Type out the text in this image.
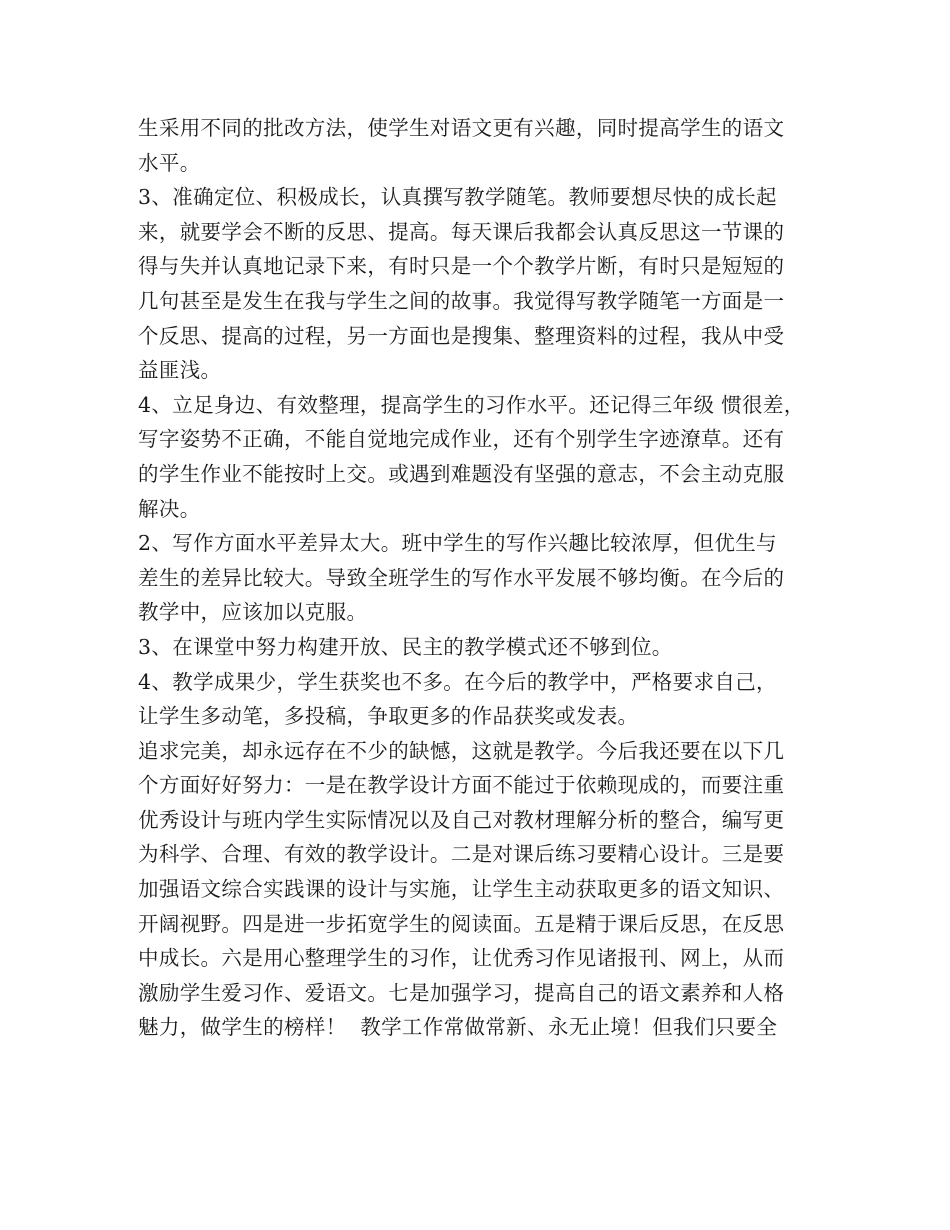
生采用不同的批改方法，使学生对语文更有兴趣，同时提高学生的语文
水平。
3、准确定位、积极成长，认真撰写教学随笔。教师要想尽快的成长起
来，就要学会不断的反思、提高。每天课后我都会认真反思这一节课的
得与失并认真地记录下来，有时只是一个个教学片断，有时只是短短的
几句甚至是发生在我与学生之间的故事。我觉得写教学随笔一方面是一
个反思、提高的过程，另一方面也是搜集、整理资料的过程，我从中受
益匪浅。
4、立足身边、有效整理，提高学生的习作水平。还记得三年级 惯很差，
写字姿势不正确，不能自觉地完成作业，还有个别学生字迹潦草。还有
的学生作业不能按时上交。或遇到难题没有坚强的意志，不会主动克服
解决。
2、写作方面水平差异太大。班中学生的写作兴趣比较浓厚，但优生与
差生的差异比较大。导致全班学生的写作水平发展不够均衡。在今后的
教学中，应该加以克服。
3、在课堂中努力构建开放、民主的教学模式还不够到位。
4、教学成果少，学生获奖也不多。在今后的教学中，严格要求自己，
让学生多动笔，多投稿，争取更多的作品获奖或发表。
追求完美，却永远存在不少的缺憾，这就是教学。今后我还要在以下几
个方面好好努力：一是在教学设计方面不能过于依赖现成的，而要注重
优秀设计与班内学生实际情况以及自己对教材理解分析的整合，编写更
为科学、合理、有效的教学设计。二是对课后练习要精心设计。三是要
加强语文综合实践课的设计与实施，让学生主动获取更多的语文知识、
开阔视野。四是进一步拓宽学生的阅读面。五是精于课后反思，在反思
中成长。六是用心整理学生的习作，让优秀习作见诸报刊、网上，从而
激励学生爱习作、爱语文。七是加强学习，提高自己的语文素养和人格
魅力，做学生的榜样！  教学工作常做常新、永无止境！但我们只要全
